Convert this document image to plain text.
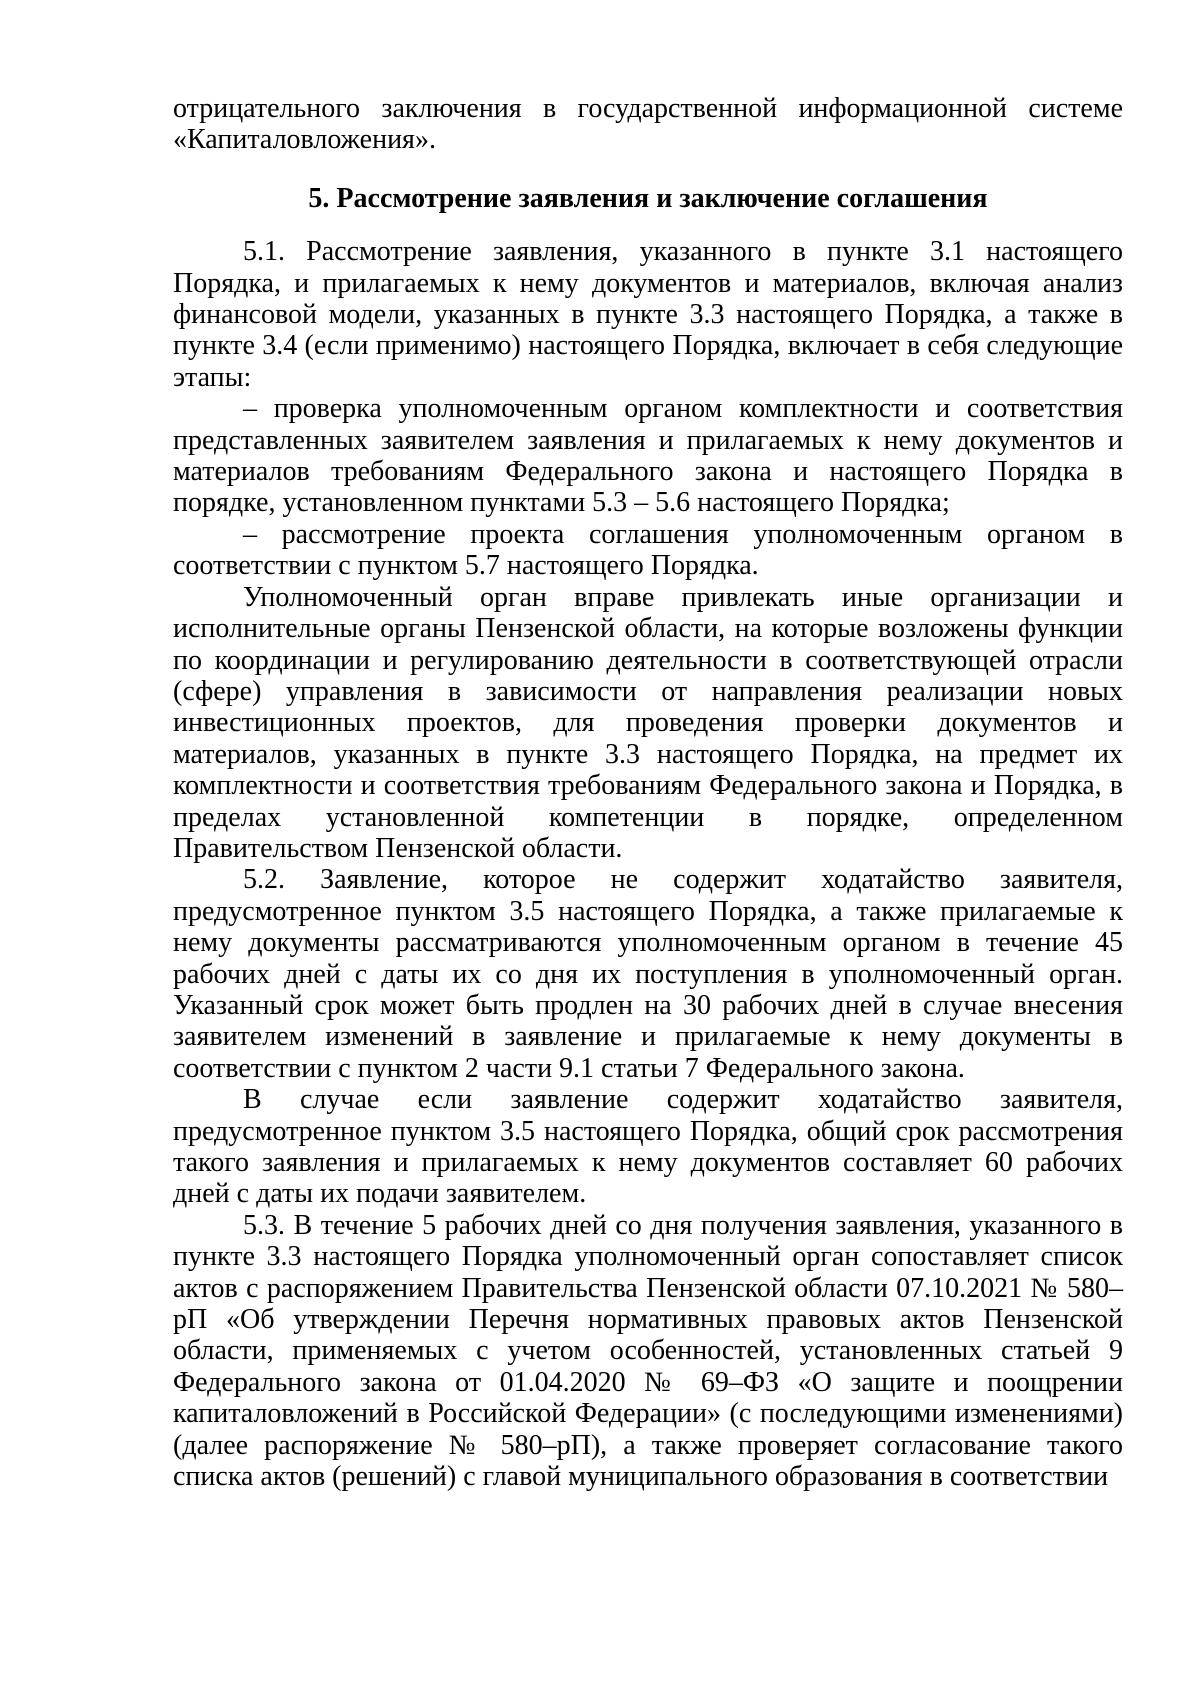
отрицательного заключения в государственной информационной системе «Капиталовложения».

5. Рассмотрение заявления и заключение соглашения

5.1. Рассмотрение заявления, указанного в пункте 3.1 настоящего Порядка, и прилагаемых к нему документов и материалов, включая анализ финансовой модели, указанных в пункте 3.3 настоящего Порядка, а также в пункте 3.4 (если применимо) настоящего Порядка, включает в себя следующие этапы:

– проверка уполномоченным органом комплектности и соответствия представленных заявителем заявления и прилагаемых к нему документов и материалов требованиям Федерального закона и настоящего Порядка в порядке, установленном пунктами 5.3 – 5.6 настоящего Порядка;

– рассмотрение проекта соглашения уполномоченным органом в соответствии с пунктом 5.7 настоящего Порядка.

Уполномоченный орган вправе привлекать иные организации и исполнительные органы Пензенской области, на которые возложены функции по координации и регулированию деятельности в соответствующей отрасли (сфере) управления в зависимости от направления реализации новых инвестиционных проектов, для проведения проверки документов и материалов, указанных в пункте 3.3 настоящего Порядка, на предмет их комплектности и соответствия требованиям Федерального закона и Порядка, в пределах установленной компетенции в порядке, определенном Правительством Пензенской области.

5.2. Заявление, которое не содержит ходатайство заявителя, предусмотренное пунктом 3.5 настоящего Порядка, а также прилагаемые к нему документы рассматриваются уполномоченным органом в течение 45 рабочих дней с даты их со дня их поступления в уполномоченный орган. Указанный срок может быть продлен на 30 рабочих дней в случае внесения заявителем изменений в заявление и прилагаемые к нему документы в соответствии с пунктом 2 части 9.1 статьи 7 Федерального закона.

В случае если заявление содержит ходатайство заявителя, предусмотренное пунктом 3.5 настоящего Порядка, общий срок рассмотрения такого заявления и прилагаемых к нему документов составляет 60 рабочих дней с даты их подачи заявителем.

5.3. В течение 5 рабочих дней со дня получения заявления, указанного в пункте 3.3 настоящего Порядка уполномоченный орган сопоставляет список актов с распоряжением Правительства Пензенской области 07.10.2021 № 580–рП «Об утверждении Перечня нормативных правовых актов Пензенской области, применяемых с учетом особенностей, установленных статьей 9 Федерального закона от 01.04.2020 № 69–ФЗ «О защите и поощрении капиталовложений в Российской Федерации» (с последующими изменениями) (далее распоряжение № 580–рП), а также проверяет согласование такого списка актов (решений) с главой муниципального образования в соответствии
